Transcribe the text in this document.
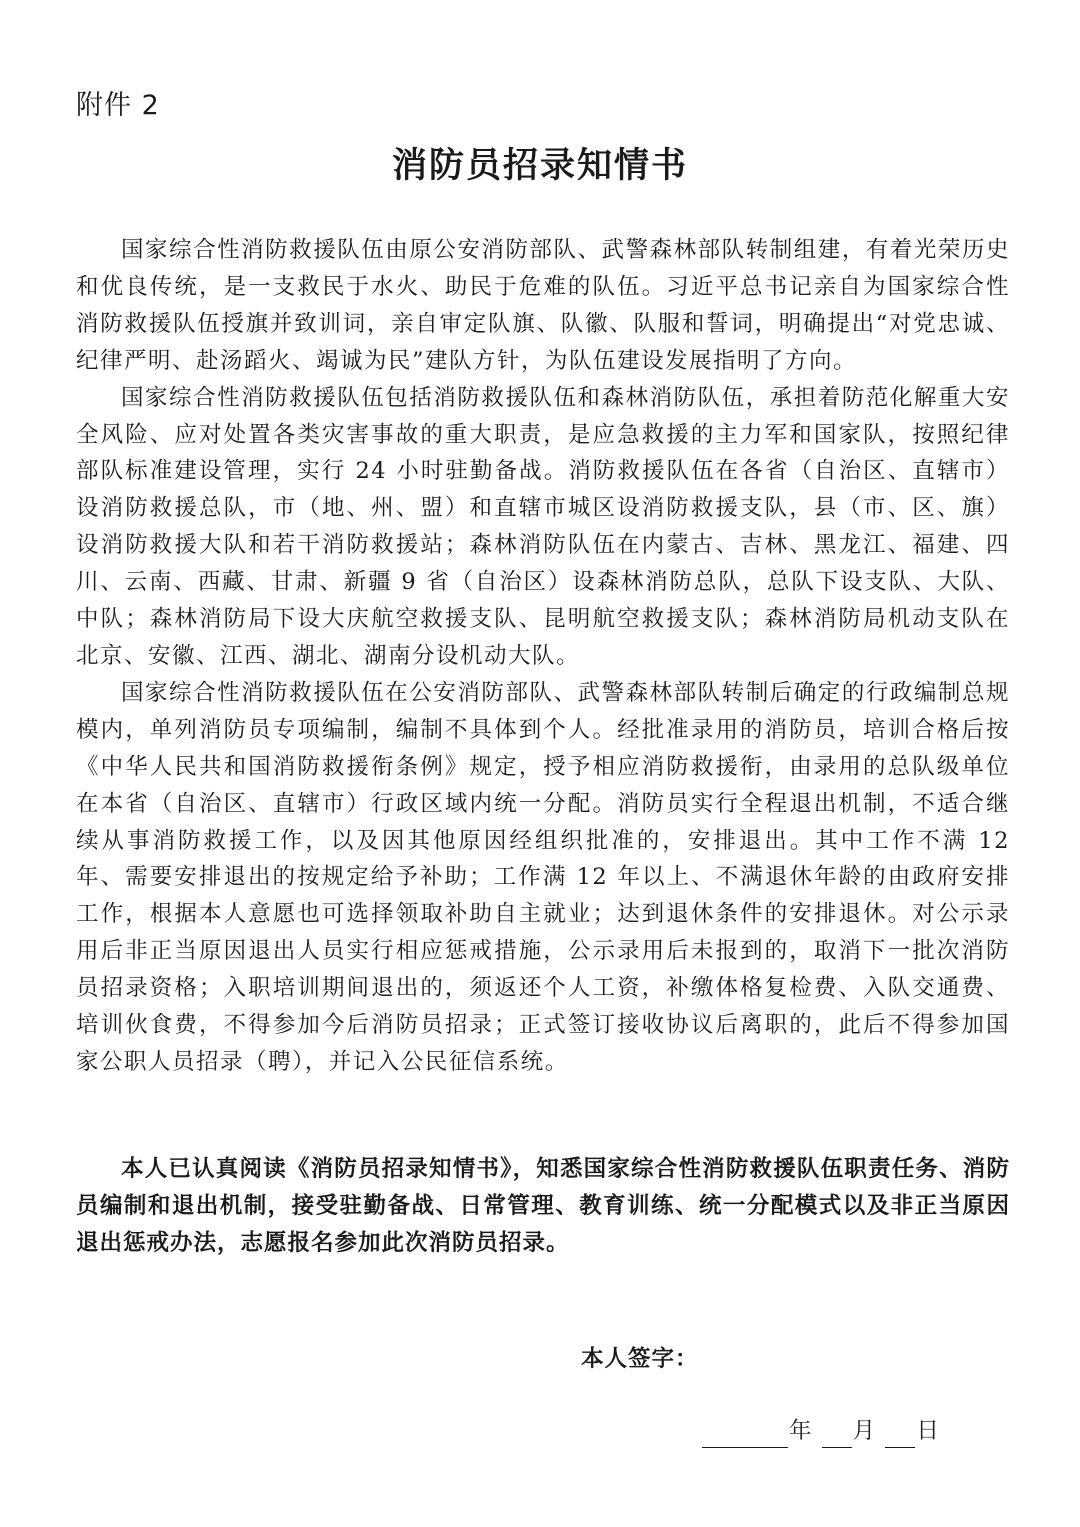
附件 2
消防员招录知情书

国家综合性消防救援队伍由原公安消防部队、武警森林部队转制组建，有着光荣历史和优良传统，是一支救民于水火、助民于危难的队伍。习近平总书记亲自为国家综合性消防救援队伍授旗并致训词，亲自审定队旗、队徽、队服和誓词，明确提出“对党忠诚、纪律严明、赴汤蹈火、竭诚为民”建队方针，为队伍建设发展指明了方向。

国家综合性消防救援队伍包括消防救援队伍和森林消防队伍，承担着防范化解重大安全风险、应对处置各类灾害事故的重大职责，是应急救援的主力军和国家队，按照纪律部队标准建设管理，实行 24 小时驻勤备战。消防救援队伍在各省（自治区、直辖市）设消防救援总队，市（地、州、盟）和直辖市城区设消防救援支队，县（市、区、旗）设消防救援大队和若干消防救援站；森林消防队伍在内蒙古、吉林、黑龙江、福建、四川、云南、西藏、甘肃、新疆 9 省（自治区）设森林消防总队，总队下设支队、大队、中队；森林消防局下设大庆航空救援支队、昆明航空救援支队；森林消防局机动支队在北京、安徽、江西、湖北、湖南分设机动大队。

国家综合性消防救援队伍在公安消防部队、武警森林部队转制后确定的行政编制总规模内，单列消防员专项编制，编制不具体到个人。经批准录用的消防员，培训合格后按《中华人民共和国消防救援衔条例》规定，授予相应消防救援衔，由录用的总队级单位在本省（自治区、直辖市）行政区域内统一分配。消防员实行全程退出机制，不适合继续从事消防救援工作，以及因其他原因经组织批准的，安排退出。其中工作不满 12 年、需要安排退出的按规定给予补助；工作满 12 年以上、不满退休年龄的由政府安排工作，根据本人意愿也可选择领取补助自主就业；达到退休条件的安排退休。对公示录用后非正当原因退出人员实行相应惩戒措施，公示录用后未报到的，取消下一批次消防员招录资格；入职培训期间退出的，须返还个人工资，补缴体格复检费、入队交通费、培训伙食费，不得参加今后消防员招录；正式签订接收协议后离职的，此后不得参加国家公职人员招录（聘），并记入公民征信系统。

本人已认真阅读《消防员招录知情书》，知悉国家综合性消防救援队伍职责任务、消防员编制和退出机制，接受驻勤备战、日常管理、教育训练、统一分配模式以及非正当原因退出惩戒办法，志愿报名参加此次消防员招录。

本人签字：
年 月 日
